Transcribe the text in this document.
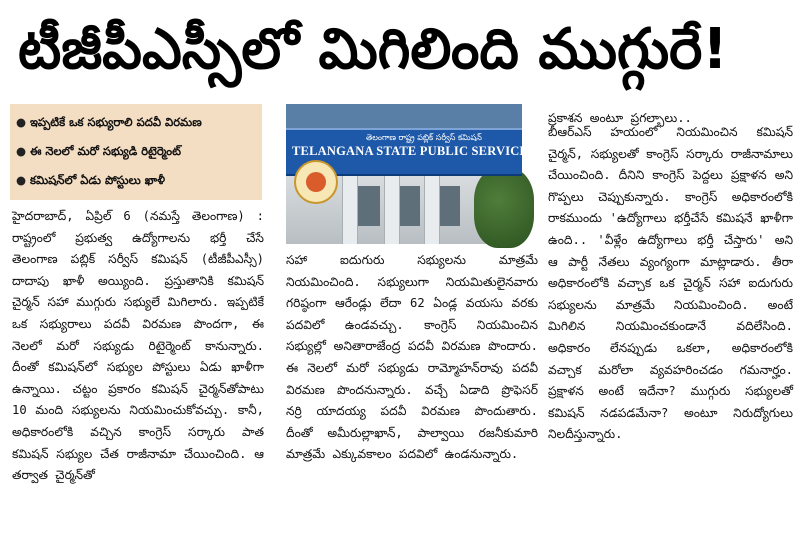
టీజీపీఎస్సీలో మిగిలింది ముగ్గురే!
● ఇప్పటికే ఒక సభ్యురాలి పదవీ విరమణ
● ఈ నెలలో మరో సభ్యుడి రిటైర్మెంట్
● కమిషన్‌లో ఏడు పోస్టులు ఖాళీ
తెలంగాణ రాష్ట్ర పబ్లిక్ సర్వీస్ కమిషన్
TELANGANA STATE PUBLIC SERVICE COMMI

హైదరాబాద్, ఏప్రిల్ 6 (నమస్తే తెలంగాణ) : రాష్ట్రంలో ప్రభుత్వ ఉద్యోగాలను భర్తీ చేసే తెలంగాణ పబ్లిక్ సర్వీస్ కమిషన్ (టీజీపీఎస్సీ) దాదాపు ఖాళీ అయ్యింది. ప్రస్తుతానికి కమిషన్ చైర్మన్ సహా ముగ్గురు సభ్యులే మిగిలారు. ఇప్పటికే ఒక సభ్యురాలు పదవీ విరమణ పొందగా, ఈ నెలలో మరో సభ్యుడు రిటైర్మెంట్ కానున్నారు. దీంతో కమిషన్‌లో సభ్యుల పోస్టులు ఏడు ఖాళీగా ఉన్నాయి. చట్టం ప్రకారం కమిషన్ చైర్మన్‌తోపాటు 10 మంది సభ్యులను నియమించుకోవచ్చు. కానీ, అధికారంలోకి వచ్చిన కాంగ్రెస్ సర్కారు పాత కమిషన్ సభ్యుల చేత రాజీనామా చేయించింది. ఆ తర్వాత చైర్మన్‌తో

సహా ఐదుగురు సభ్యులను మాత్రమే నియమించింది. సభ్యులుగా నియమితులైనవారు గరిష్ఠంగా ఆరేండ్లు లేదా 62 ఏండ్ల వయసు వరకు పదవిలో ఉండవచ్చు. కాంగ్రెస్ నియమించిన సభ్యుల్లో అనితారాజేంద్ర పదవీ విరమణ పొందారు. ఈ నెలలో మరో సభ్యుడు రామ్మోహన్‌రావు పదవీ విరమణ పొందనున్నారు. వచ్చే ఏడాది ప్రొఫెసర్ నర్రి యాదయ్య పదవీ విరమణ పొందుతారు. దీంతో అమీరుల్లాఖాన్, పాల్వాయి రజనీకుమారి మాత్రమే ఎక్కువకాలం పదవిలో ఉండనున్నారు.

ప్రకాశన అంటూ ప్రగల్భాలు..

బీఆర్ఎస్ హయంలో నియమించిన కమిషన్ చైర్మన్, సభ్యులతో కాంగ్రెస్ సర్కారు రాజీనామాలు చేయించింది. దీనిని కాంగ్రెస్ పెద్దలు ప్రక్షాళన అని గొప్పలు చెప్పుకున్నారు. కాంగ్రెస్ అధికారంలోకి రాకముందు 'ఉద్యోగాలు భర్తీచేసే కమిషనే ఖాళీగా ఉంది.. 'వీళ్లేం ఉద్యోగాలు భర్తీ చేస్తారు' అని ఆ పార్టీ నేతలు వ్యంగ్యంగా మాట్లాడారు. తీరా అధికారంలోకి వచ్చాక ఒక చైర్మన్ సహా ఐదుగురు సభ్యులను మాత్రమే నియమించింది. అంటే మిగిలిన నియమించకుండానే వదిలేసింది. అధికారం లేనప్పుడు ఒకలా, అధికారంలోకి వచ్చాక మరోలా వ్యవహరించడం గమనార్హం. ప్రక్షాళన అంటే ఇదేనా? ముగ్గురు సభ్యులతో కమిషన్ నడపడమేనా? అంటూ నిరుద్యోగులు నిలదీస్తున్నారు.
